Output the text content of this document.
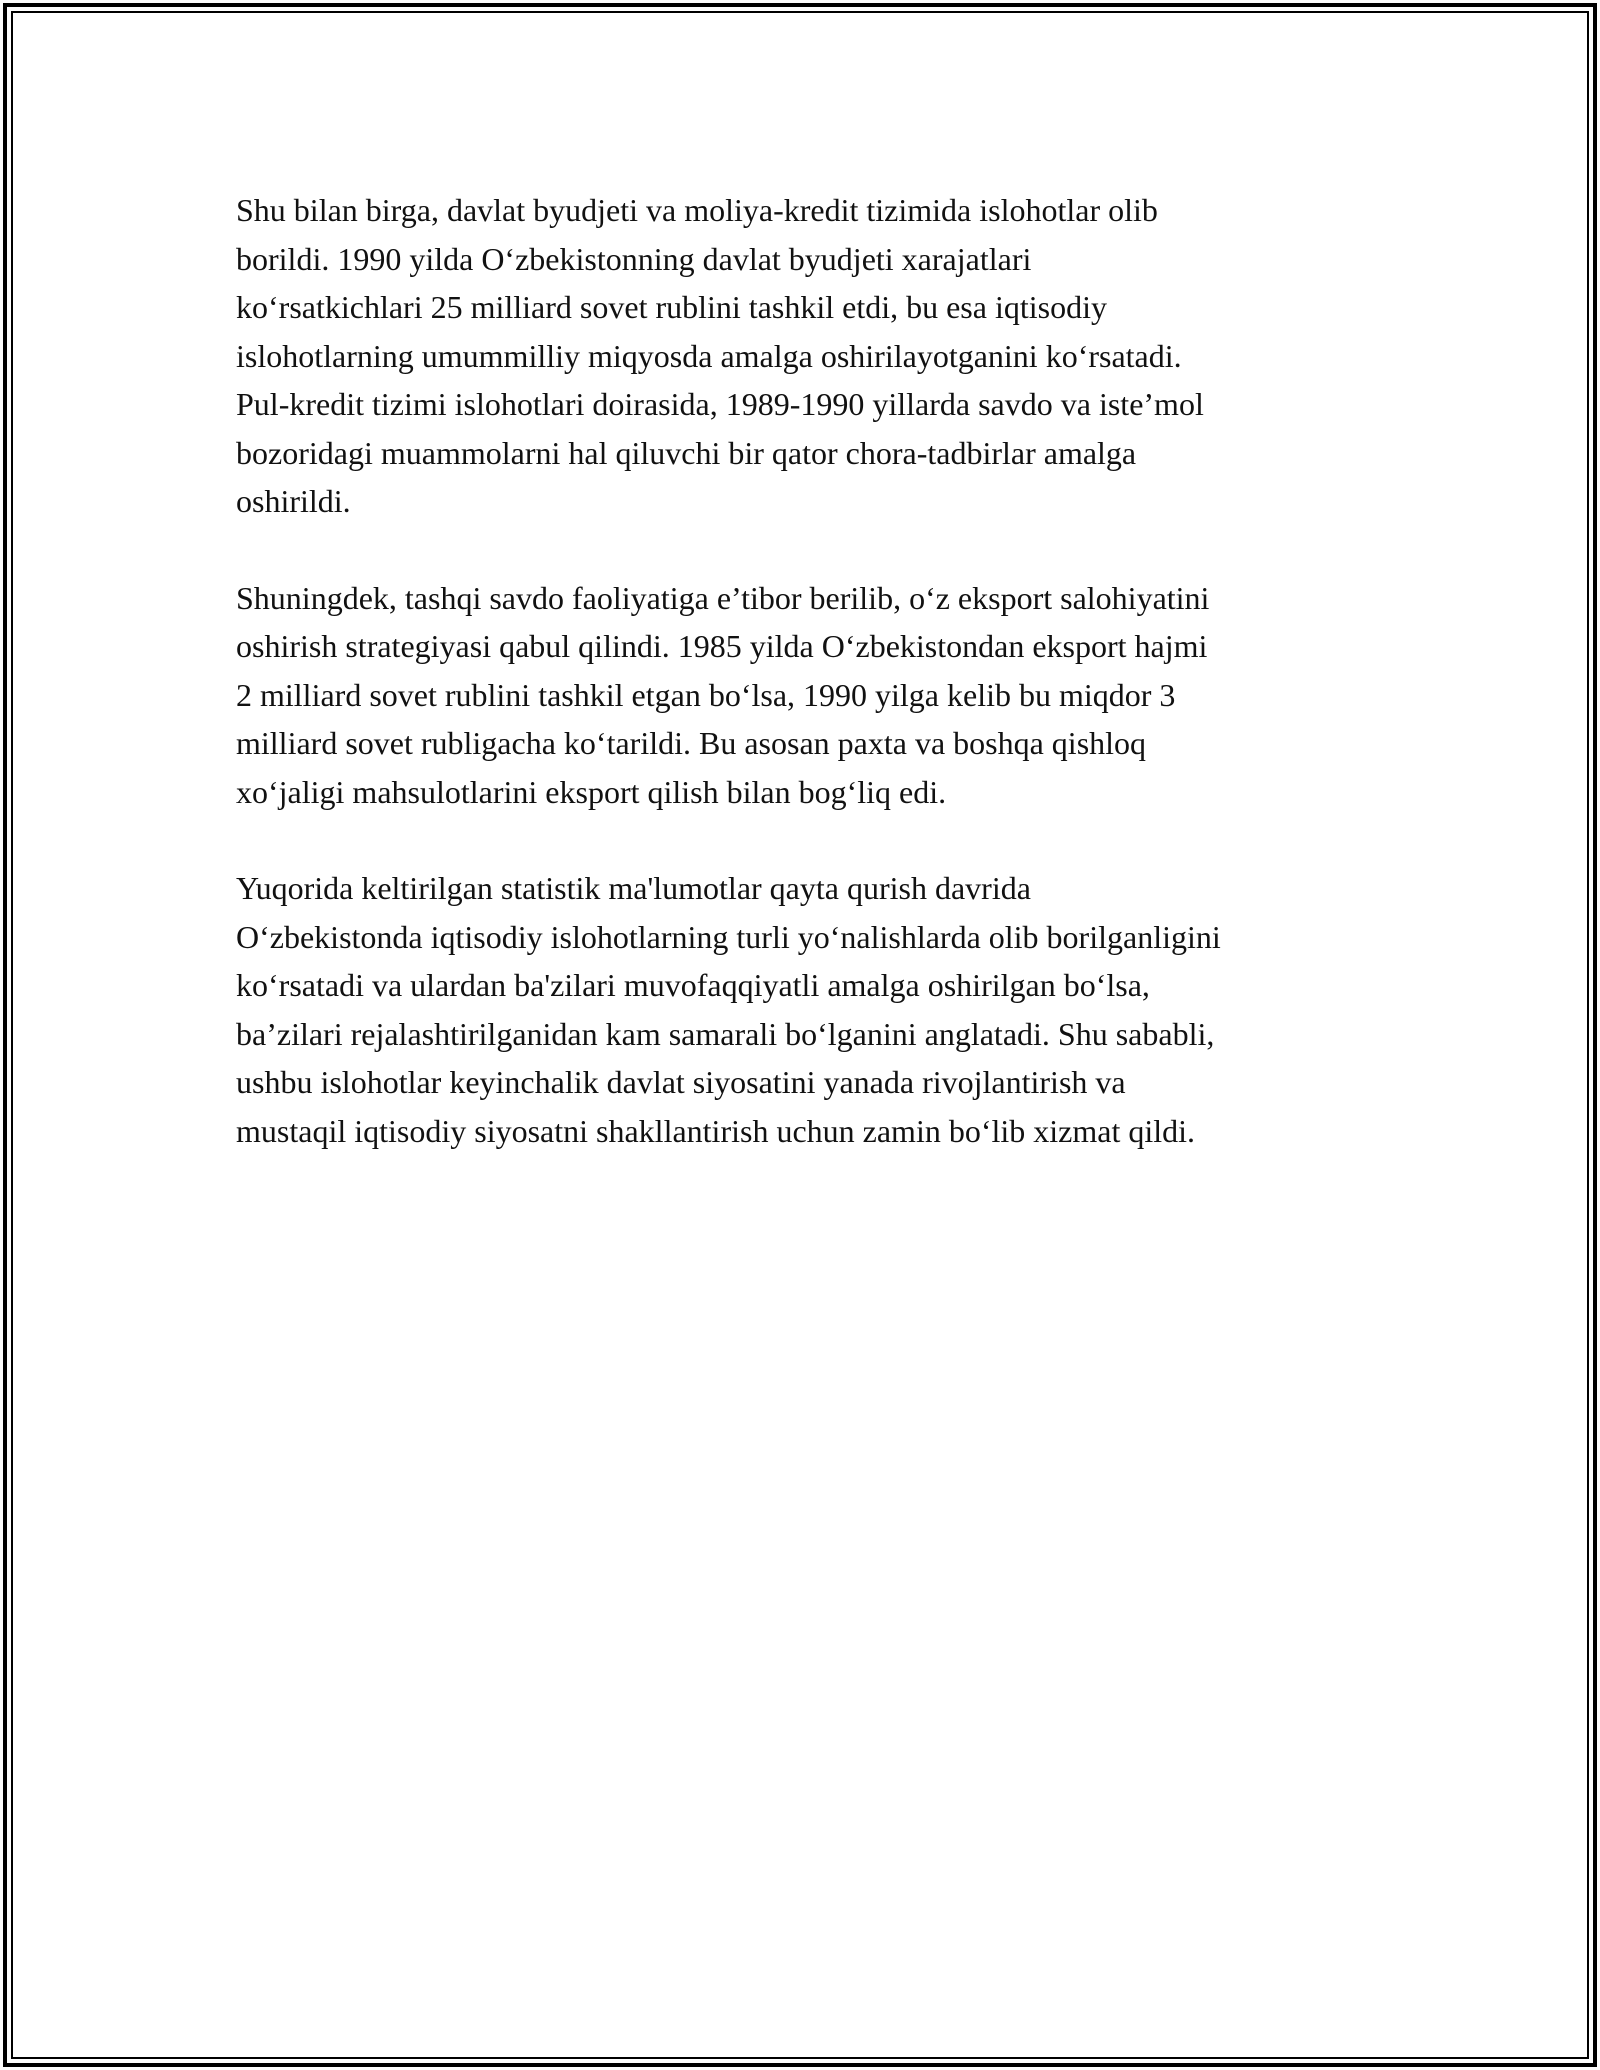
Shu bilan birga, davlat byudjeti va moliya-kredit tizimida islohotlar olib
borildi. 1990 yilda O‘zbekistonning davlat byudjeti xarajatlari
ko‘rsatkichlari 25 milliard sovet rublini tashkil etdi, bu esa iqtisodiy
islohotlarning umummilliy miqyosda amalga oshirilayotganini ko‘rsatadi.
Pul-kredit tizimi islohotlari doirasida, 1989-1990 yillarda savdo va iste’mol
bozoridagi muammolarni hal qiluvchi bir qator chora-tadbirlar amalga
oshirildi.

Shuningdek, tashqi savdo faoliyatiga e’tibor berilib, o‘z eksport salohiyatini
oshirish strategiyasi qabul qilindi. 1985 yilda O‘zbekistondan eksport hajmi
2 milliard sovet rublini tashkil etgan bo‘lsa, 1990 yilga kelib bu miqdor 3
milliard sovet rubligacha ko‘tarildi. Bu asosan paxta va boshqa qishloq
xo‘jaligi mahsulotlarini eksport qilish bilan bog‘liq edi.

Yuqorida keltirilgan statistik ma'lumotlar qayta qurish davrida
O‘zbekistonda iqtisodiy islohotlarning turli yo‘nalishlarda olib borilganligini
ko‘rsatadi va ulardan ba'zilari muvofaqqiyatli amalga oshirilgan bo‘lsa,
ba’zilari rejalashtirilganidan kam samarali bo‘lganini anglatadi. Shu sababli,
ushbu islohotlar keyinchalik davlat siyosatini yanada rivojlantirish va
mustaqil iqtisodiy siyosatni shakllantirish uchun zamin bo‘lib xizmat qildi.
